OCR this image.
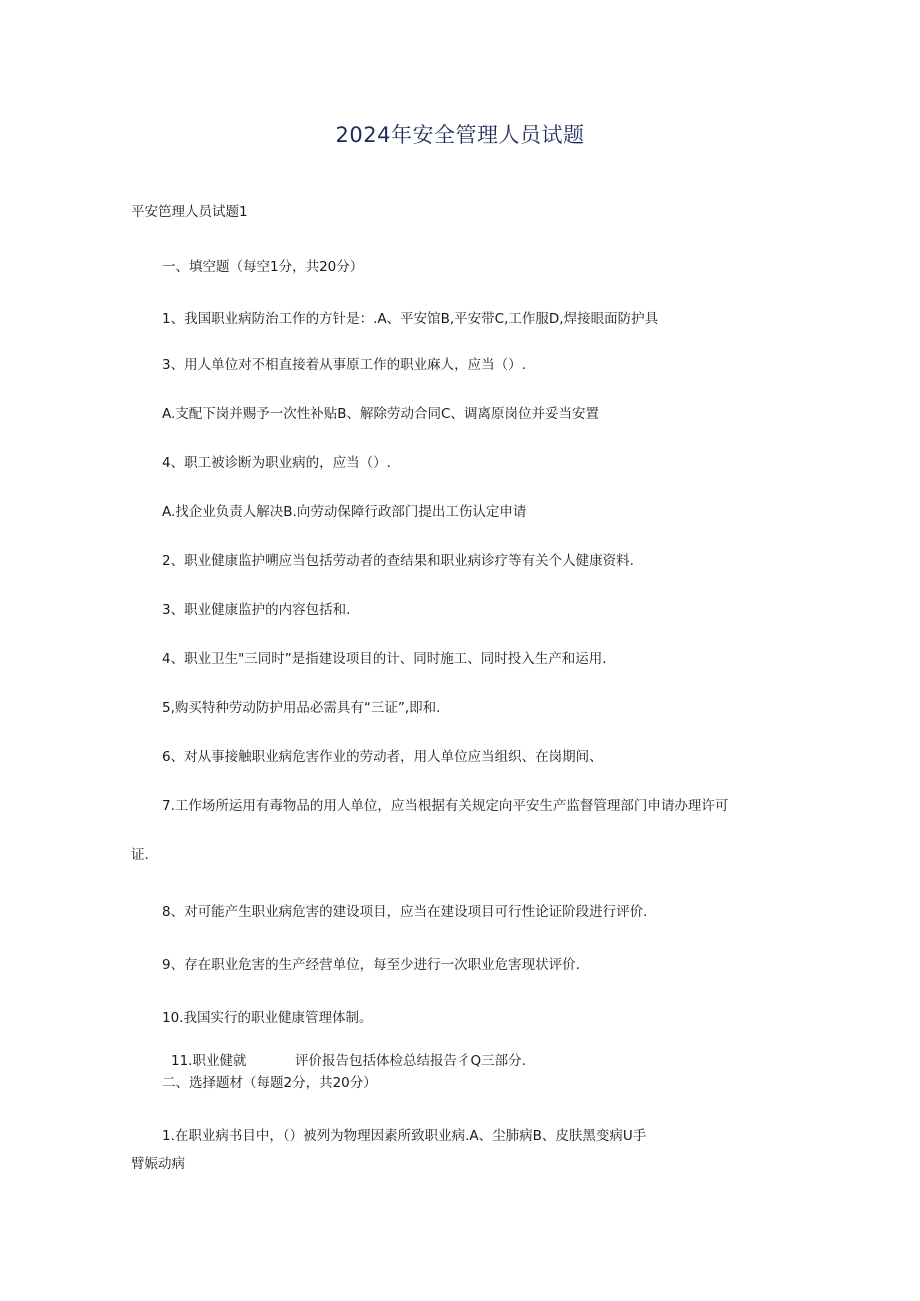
2024年安全管理人员试题
平安笆理人员试题1
一、填空题（每空1分，共20分）
1、我国职业病防治工作的方针是：.A、平安馆B,平安带C,工作服D,焊接眼面防护具
3、用人单位对不相直接着从事原工作的职业麻人，应当（）.
A.支配下岗并赐予一次性补贴B、解除劳动合同C、调离原岗位并妥当安置
4、职工被诊断为职业病的，应当（）.
A.找企业负责人解决B.向劳动保障行政部门提出工伤认定申请
2、职业健康监护嗍应当包括劳动者的查结果和职业病诊疗等有关个人健康资料.
3、职业健康监护的内容包括和.
4、职业卫生"三同时”是指建设项目的计、同时施工、同时投入生产和运用.
5,购买特种劳动防护用品必需具有“三证”,即和.
6、对从事接触职业病危害作业的劳动者，用人单位应当组织、在岗期间、
7.工作场所运用有毒物品的用人单位，应当根据有关规定向平安生产监督管理部门申请办理许可
证.
8、对可能产生职业病危害的建设项目，应当在建设项目可行性论证阶段进行评价.
9、存在职业危害的生产经营单位，每至少进行一次职业危害现状评价.
10.我国实行的职业健康管理体制。
11.职业健就	评价报告包括体检总结报告彳Q三部分.
二、选择题材（每题2分，共20分）
1.在职业病书目中，（）被列为物理因素所致职业病.A、尘肺病B、皮肤黑变病U手
臂娠动病
